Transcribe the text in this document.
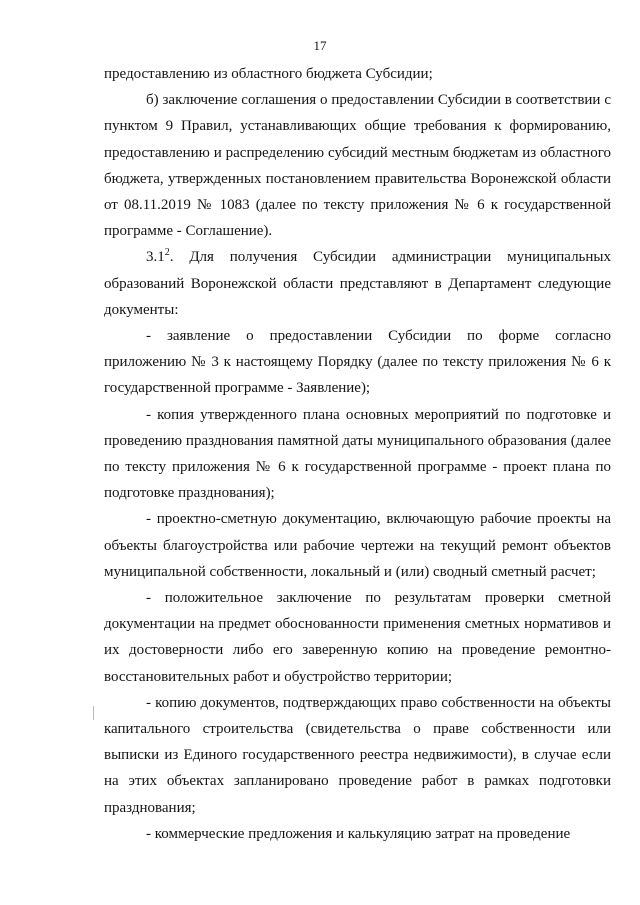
17

предоставлению из областного бюджета Субсидии;

б) заключение соглашения о предоставлении Субсидии в соответствии с пунктом 9 Правил, устанавливающих общие требования к формированию, предоставлению и распределению субсидий местным бюджетам из областного бюджета, утвержденных постановлением правительства Воронежской области от 08.11.2019 № 1083 (далее по тексту приложения № 6 к государственной программе - Соглашение).

$3.1^2$. Для получения Субсидии администрации муниципальных образований Воронежской области представляют в Департамент следующие документы:

- заявление о предоставлении Субсидии по форме согласно приложению № 3 к настоящему Порядку (далее по тексту приложения № 6 к государственной программе - Заявление);

- копия утвержденного плана основных мероприятий по подготовке и проведению празднования памятной даты муниципального образования (далее по тексту приложения № 6 к государственной программе - проект плана по подготовке празднования);

- проектно-сметную документацию, включающую рабочие проекты на объекты благоустройства или рабочие чертежи на текущий ремонт объектов муниципальной собственности, локальный и (или) сводный сметный расчет;

- положительное заключение по результатам проверки сметной документации на предмет обоснованности применения сметных нормативов и их достоверности либо его заверенную копию на проведение ремонтно-восстановительных работ и обустройство территории;

- копию документов, подтверждающих право собственности на объекты капитального строительства (свидетельства о праве собственности или выписки из Единого государственного реестра недвижимости), в случае если на этих объектах запланировано проведение работ в рамках подготовки празднования;

- коммерческие предложения и калькуляцию затрат на проведение
